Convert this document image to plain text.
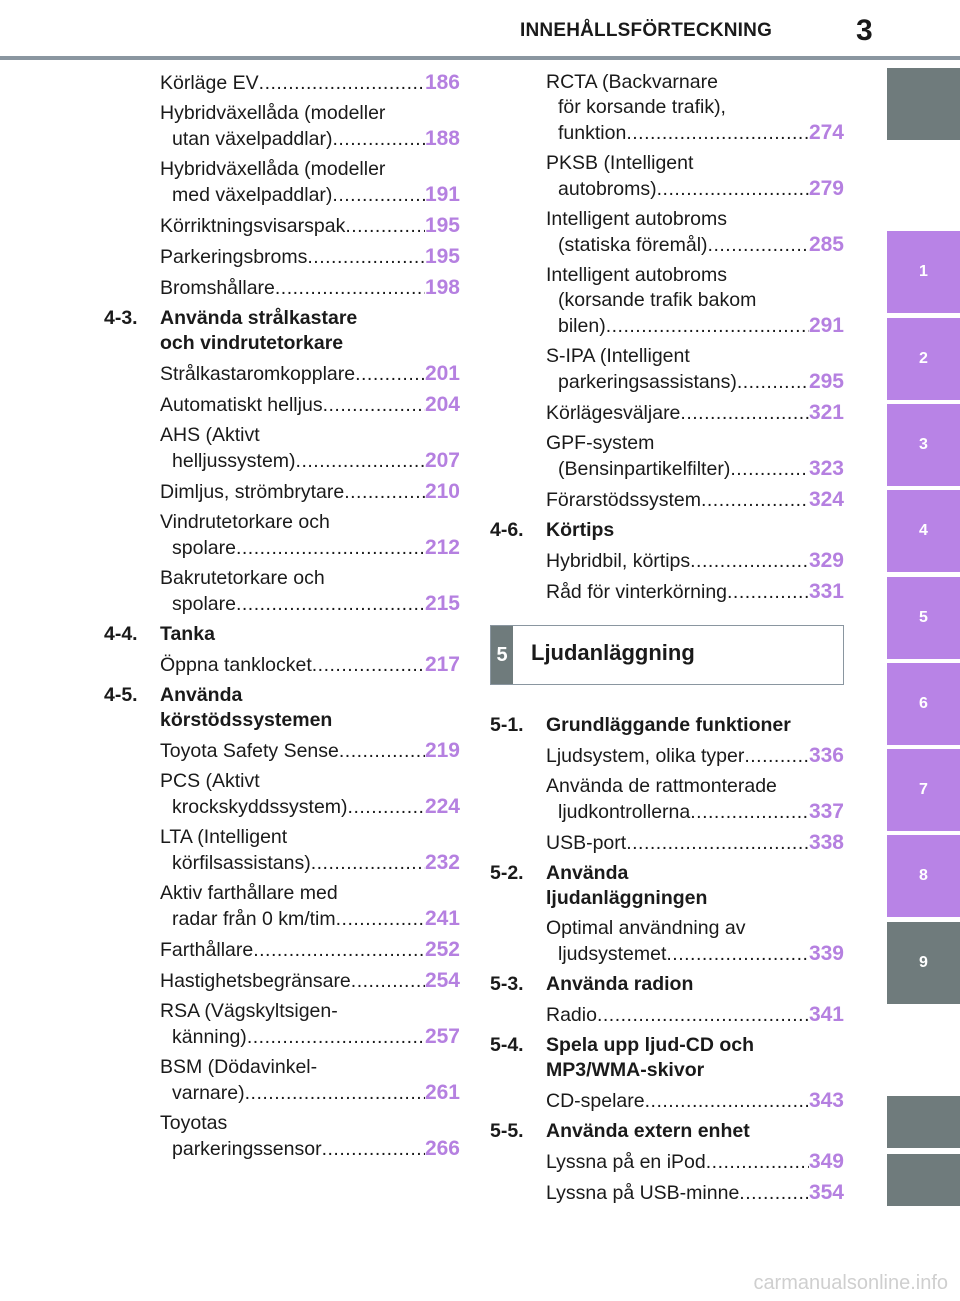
INNEHÅLLSFÖRTECKNING	3
1
2
3
4
5
6
7
8
9
Körläge EV .....	186
Hybridväxellåda (modeller
utan växelpaddlar) .....	188
Hybridväxellåda (modeller
med växelpaddlar) .....	191
Körriktningsvisarspak .....	195
Parkeringsbroms .....	195
Bromshållare .....	198
4-3. Använda strålkastare
och vindrutetorkare
Strålkastaromkopplare .....	201
Automatiskt helljus .....	204
AHS (Aktivt
helljussystem) .....	207
Dimljus, strömbrytare .....	210
Vindrutetorkare och
spolare .....	212
Bakrutetorkare och
spolare .....	215
4-4. Tanka
Öppna tanklocket .....	217
4-5. Använda
körstödssystemen
Toyota Safety Sense .....	219
PCS (Aktivt
krockskyddssystem) .....	224
LTA (Intelligent
körfilsassistans) .....	232
Aktiv farthållare med
radar från 0 km/tim .....	241
Farthållare .....	252
Hastighetsbegränsare .....	254
RSA (Vägskyltsigen-
känning) .....	257
BSM (Dödavinkel-
varnare) .....	261
Toyotas
parkeringssensor .....	266
RCTA (Backvarnare
för korsande trafik),
funktion .....	274
PKSB (Intelligent
autobroms) .....	279
Intelligent autobroms
(statiska föremål) .....	285
Intelligent autobroms
(korsande trafik bakom
bilen) .....	291
S-IPA (Intelligent
parkeringsassistans) .....	295
Körlägesväljare .....	321
GPF-system
(Bensinpartikelfilter) .....	323
Förarstödssystem .....	324
4-6. Körtips
Hybridbil, körtips .....	329
Råd för vinterkörning .....	331
5 Ljudanläggning
5-1. Grundläggande funktioner
Ljudsystem, olika typer .....	336
Använda de rattmonterade
ljudkontrollerna .....	337
USB-port .....	338
5-2. Använda
ljudanläggningen
Optimal användning av
ljudsystemet .....	339
5-3. Använda radion
Radio .....	341
5-4. Spela upp ljud-CD och
MP3/WMA-skivor
CD-spelare .....	343
5-5. Använda extern enhet
Lyssna på en iPod .....	349
Lyssna på USB-minne .....	354
carmanualsonline.info
